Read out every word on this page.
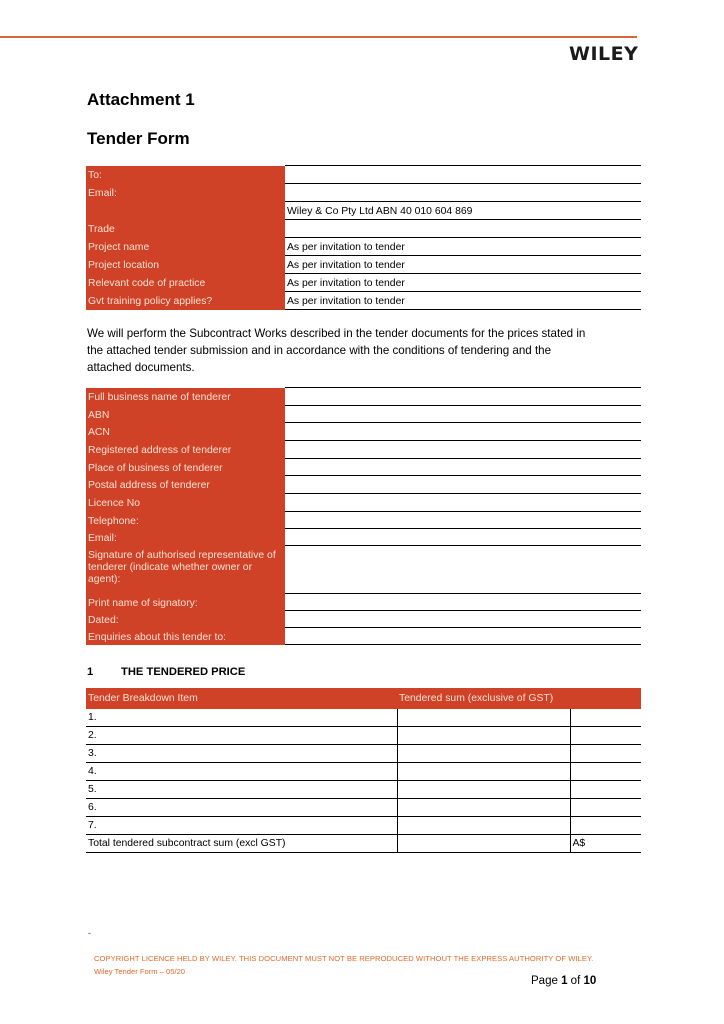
WILEY
Attachment 1
Tender Form
To:	
Email:	
	Wiley & Co Pty Ltd ABN 40 010 604 869
Trade	
Project name	As per invitation to tender
Project location	As per invitation to tender
Relevant code of practice	As per invitation to tender
Gvt training policy applies?	As per invitation to tender
We will perform the Subcontract Works described in the tender documents for the prices stated in the attached tender submission and in accordance with the conditions of tendering and the attached documents.
Full business name of tenderer	
ABN	
ACN	
Registered address of tenderer	
Place of business of tenderer	
Postal address of tenderer	
Licence No	
Telephone:	
Email:	
Signature of authorised representative of tenderer (indicate whether owner or agent):	
Print name of signatory:	
Dated:	
Enquiries about this tender to:	
1 THE TENDERED PRICE
Tender Breakdown Item	Tendered sum (exclusive of GST)	
1.		
2.		
3.		
4.		
5.		
6.		
7.		
Total tendered subcontract sum (excl GST)		A$
-
COPYRIGHT LICENCE HELD BY WILEY. THIS DOCUMENT MUST NOT BE REPRODUCED WITHOUT THE EXPRESS AUTHORITY OF WILEY.
Wiley Tender Form – 05/20
Page 1 of 10
